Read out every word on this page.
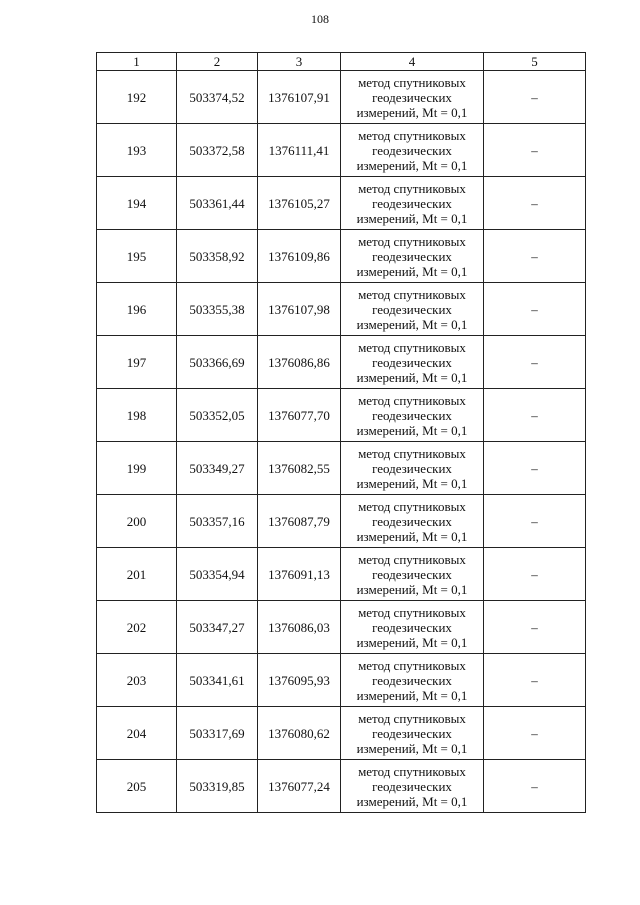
108
1	2	3	4	5
192	503374,52	1376107,91	метод спутниковых
геодезических
измерений, Mt = 0,1	–
193	503372,58	1376111,41	метод спутниковых
геодезических
измерений, Mt = 0,1	–
194	503361,44	1376105,27	метод спутниковых
геодезических
измерений, Mt = 0,1	–
195	503358,92	1376109,86	метод спутниковых
геодезических
измерений, Mt = 0,1	–
196	503355,38	1376107,98	метод спутниковых
геодезических
измерений, Mt = 0,1	–
197	503366,69	1376086,86	метод спутниковых
геодезических
измерений, Mt = 0,1	–
198	503352,05	1376077,70	метод спутниковых
геодезических
измерений, Mt = 0,1	–
199	503349,27	1376082,55	метод спутниковых
геодезических
измерений, Mt = 0,1	–
200	503357,16	1376087,79	метод спутниковых
геодезических
измерений, Mt = 0,1	–
201	503354,94	1376091,13	метод спутниковых
геодезических
измерений, Mt = 0,1	–
202	503347,27	1376086,03	метод спутниковых
геодезических
измерений, Mt = 0,1	–
203	503341,61	1376095,93	метод спутниковых
геодезических
измерений, Mt = 0,1	–
204	503317,69	1376080,62	метод спутниковых
геодезических
измерений, Mt = 0,1	–
205	503319,85	1376077,24	метод спутниковых
геодезических
измерений, Mt = 0,1	–
